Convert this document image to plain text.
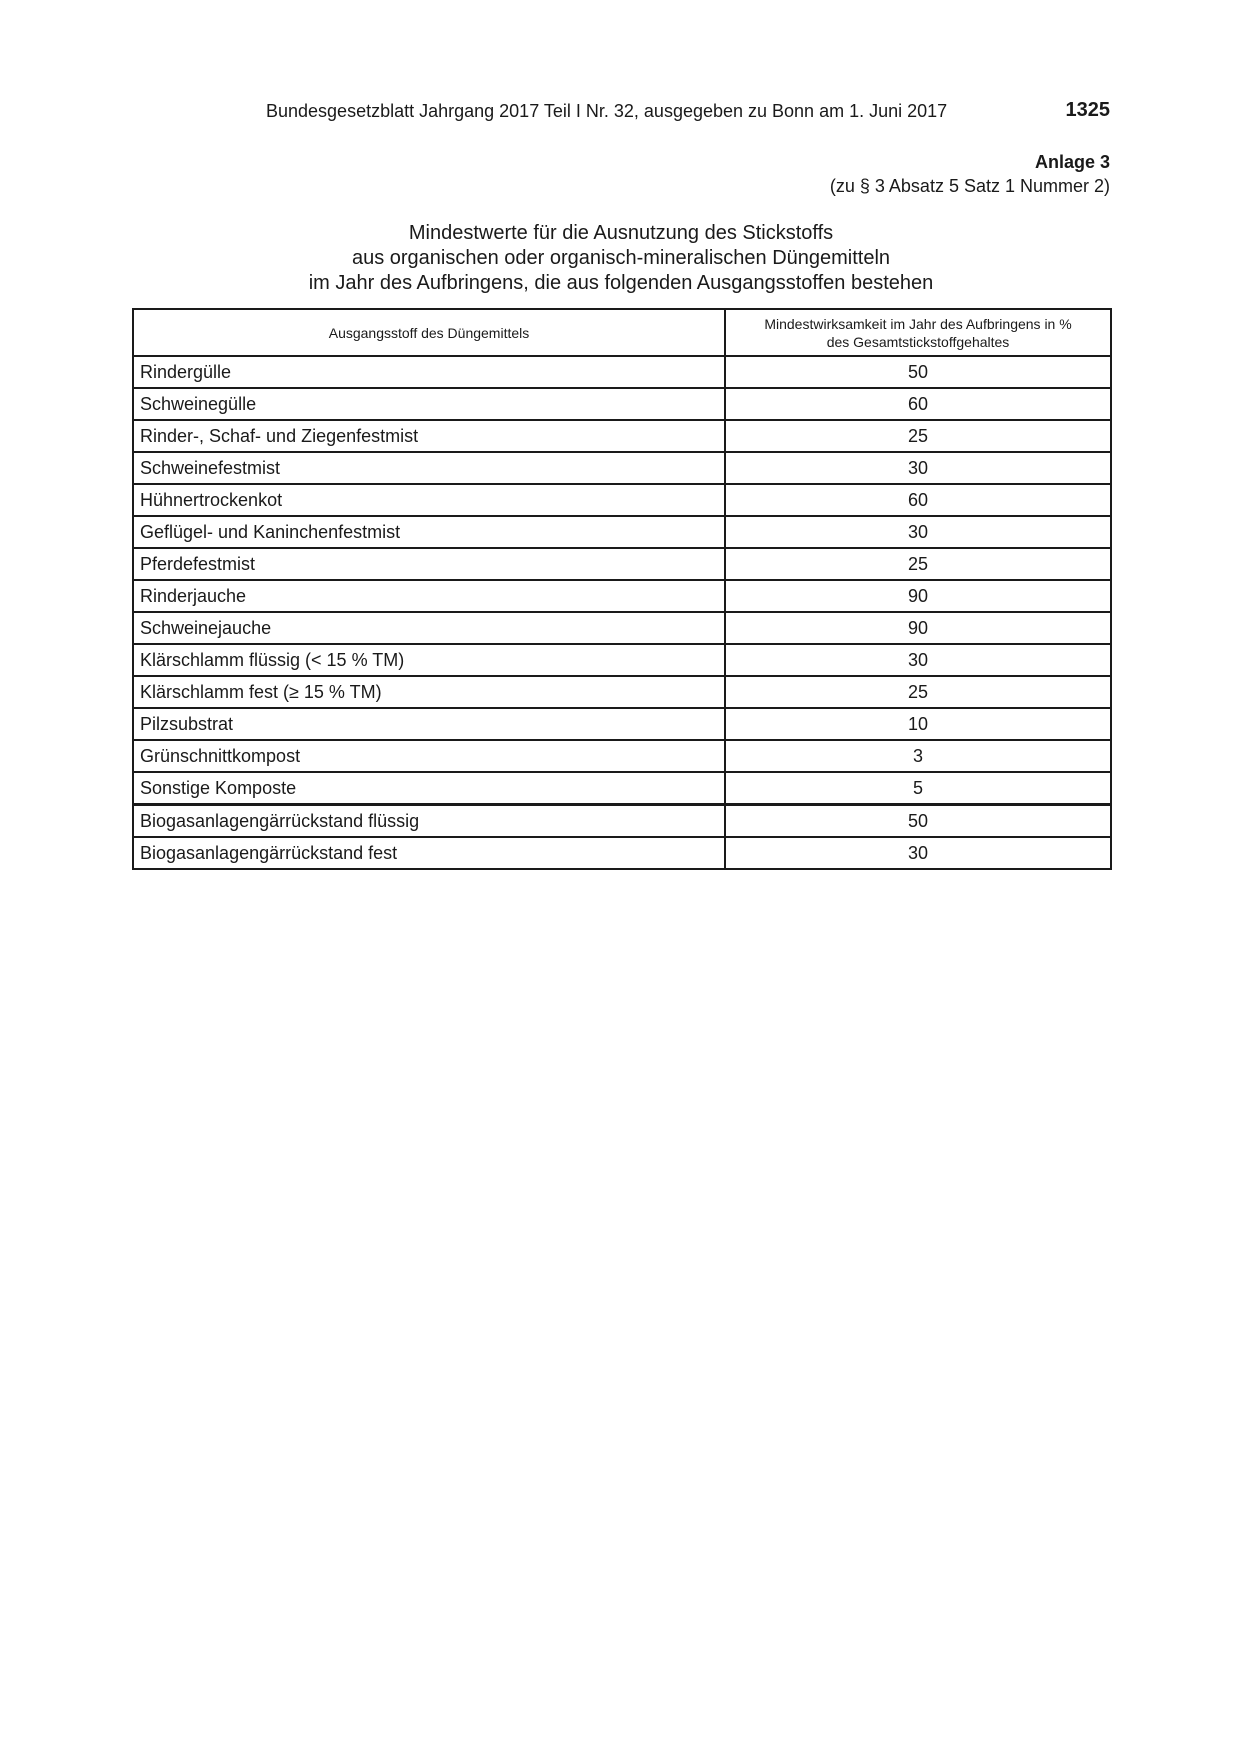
Bundesgesetzblatt Jahrgang 2017 Teil I Nr. 32, ausgegeben zu Bonn am 1. Juni 2017	1325
Anlage 3
(zu § 3 Absatz 5 Satz 1 Nummer 2)
Mindestwerte für die Ausnutzung des Stickstoffs
aus organischen oder organisch-mineralischen Düngemitteln
im Jahr des Aufbringens, die aus folgenden Ausgangsstoffen bestehen
Ausgangsstoff des Düngemittels	Mindestwirksamkeit im Jahr des Aufbringens in %
des Gesamtstickstoffgehaltes

Rindergülle	50
Schweinegülle	60
Rinder-, Schaf- und Ziegenfestmist	25
Schweinefestmist	30
Hühnertrockenkot	60
Geflügel- und Kaninchenfestmist	30
Pferdefestmist	25
Rinderjauche	90
Schweinejauche	90
Klärschlamm flüssig (< 15 % TM)	30
Klärschlamm fest (≥ 15 % TM)	25
Pilzsubstrat	10
Grünschnittkompost	3
Sonstige Komposte	5
Biogasanlagengärrückstand flüssig	50
Biogasanlagengärrückstand fest	30
